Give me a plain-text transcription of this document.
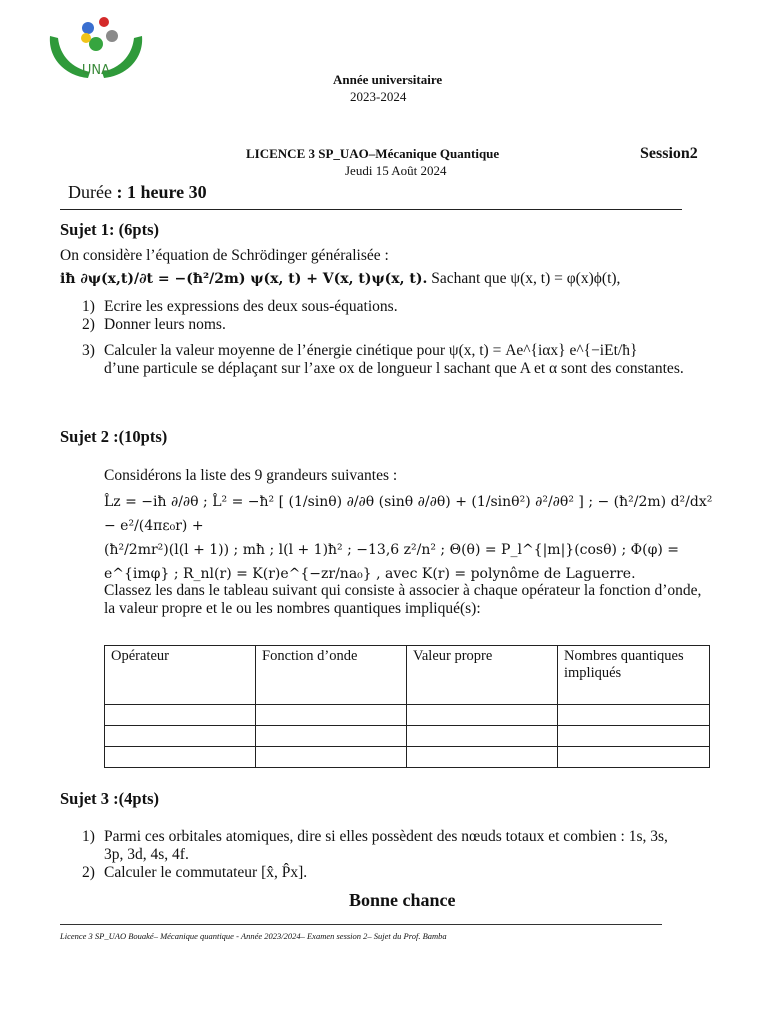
UNA
Année universitaire
2023-2024
LICENCE 3 SP_UAO–Mécanique Quantique	Session2
Jeudi 15 Août 2024
Durée : 1 heure 30
Sujet 1: (6pts)
On considère l’équation de Schrödinger généralisée :
iħ ∂ψ(x,t)/∂t = −(ħ²/2m) ψ(x, t) + V(x, t)ψ(x, t). Sachant que ψ(x, t) = φ(x)ϕ(t),
1) Ecrire les expressions des deux sous-équations.
2) Donner leurs noms.
3) Calculer la valeur moyenne de l’énergie cinétique pour ψ(x, t) = Ae^{iαx} e^{−iEt/ħ}
d’une particule se déplaçant sur l’axe ox de longueur l sachant que A et α sont des constantes.
Sujet 2 :(10pts)
Considérons la liste des 9 grandeurs suivantes :
L̂z = −iħ ∂/∂θ ; L̂² = −ħ² [ (1/sinθ) ∂/∂θ (sinθ ∂/∂θ) + (1/sinθ²) ∂²/∂θ² ] ; − (ħ²/2m) d²/dx² − e²/(4πε₀r) +
(ħ²/2mr²)(l(l + 1)) ; mħ ; l(l + 1)ħ² ; −13,6 z²/n² ; Θ(θ) = P_l^{|m|}(cosθ) ; Φ(φ) =
e^{imφ} ; R_nl(r) = K(r)e^{−zr/na₀} , avec K(r) = polynôme de Laguerre.
Classez les dans le tableau suivant qui consiste à associer à chaque opérateur la fonction d’onde, la valeur propre et le ou les nombres quantiques impliqué(s):
Opérateur	Fonction d’onde	Valeur propre	Nombres quantiques impliqués

Sujet 3 :(4pts)
1) Parmi ces orbitales atomiques, dire si elles possèdent des nœuds totaux et combien : 1s, 3s, 3p, 3d, 4s, 4f.
2) Calculer le commutateur [x̂, P̂x].
Bonne chance
Licence 3 SP_UAO Bouaké– Mécanique quantique - Année 2023/2024– Examen session 2– Sujet du Prof. Bamba
